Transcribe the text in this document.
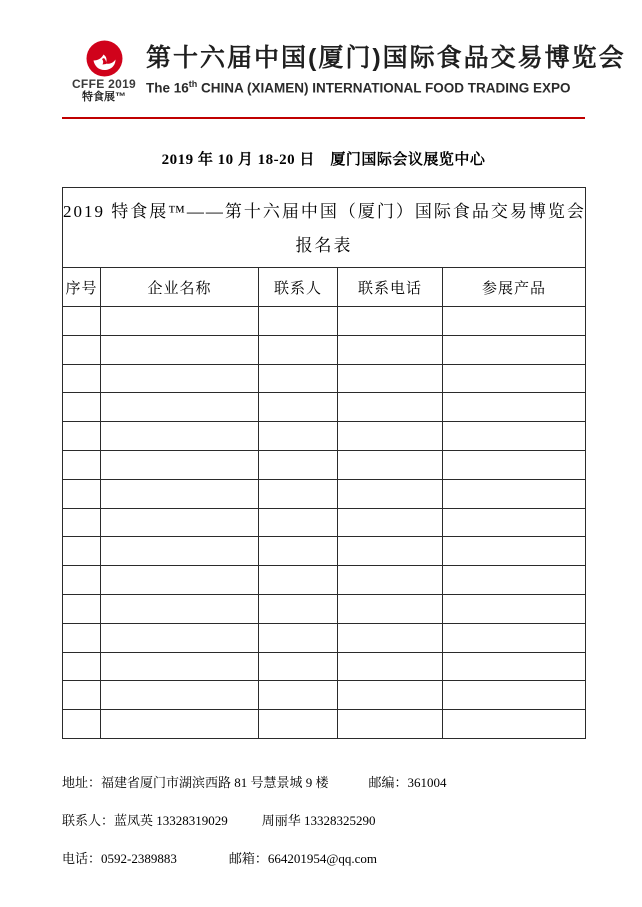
CFFE 2019
特食展™
第十六届中国(厦门)国际食品交易博览会
The 16th CHINA (XIAMEN) INTERNATIONAL FOOD TRADING EXPO
2019 年 10 月 18-20 日　厦门国际会议展览中心
2019 特食展™——第十六届中国（厦门）国际食品交易博览会
报名表				

序号	企业名称	联系人	联系电话	参展产品

地址：福建省厦门市湖滨西路 81 号慧景城 9 楼	邮编：361004
联系人：蓝凤英 13328319029	周丽华 13328325290
电话：0592-2389883	邮箱：664201954@qq.com
